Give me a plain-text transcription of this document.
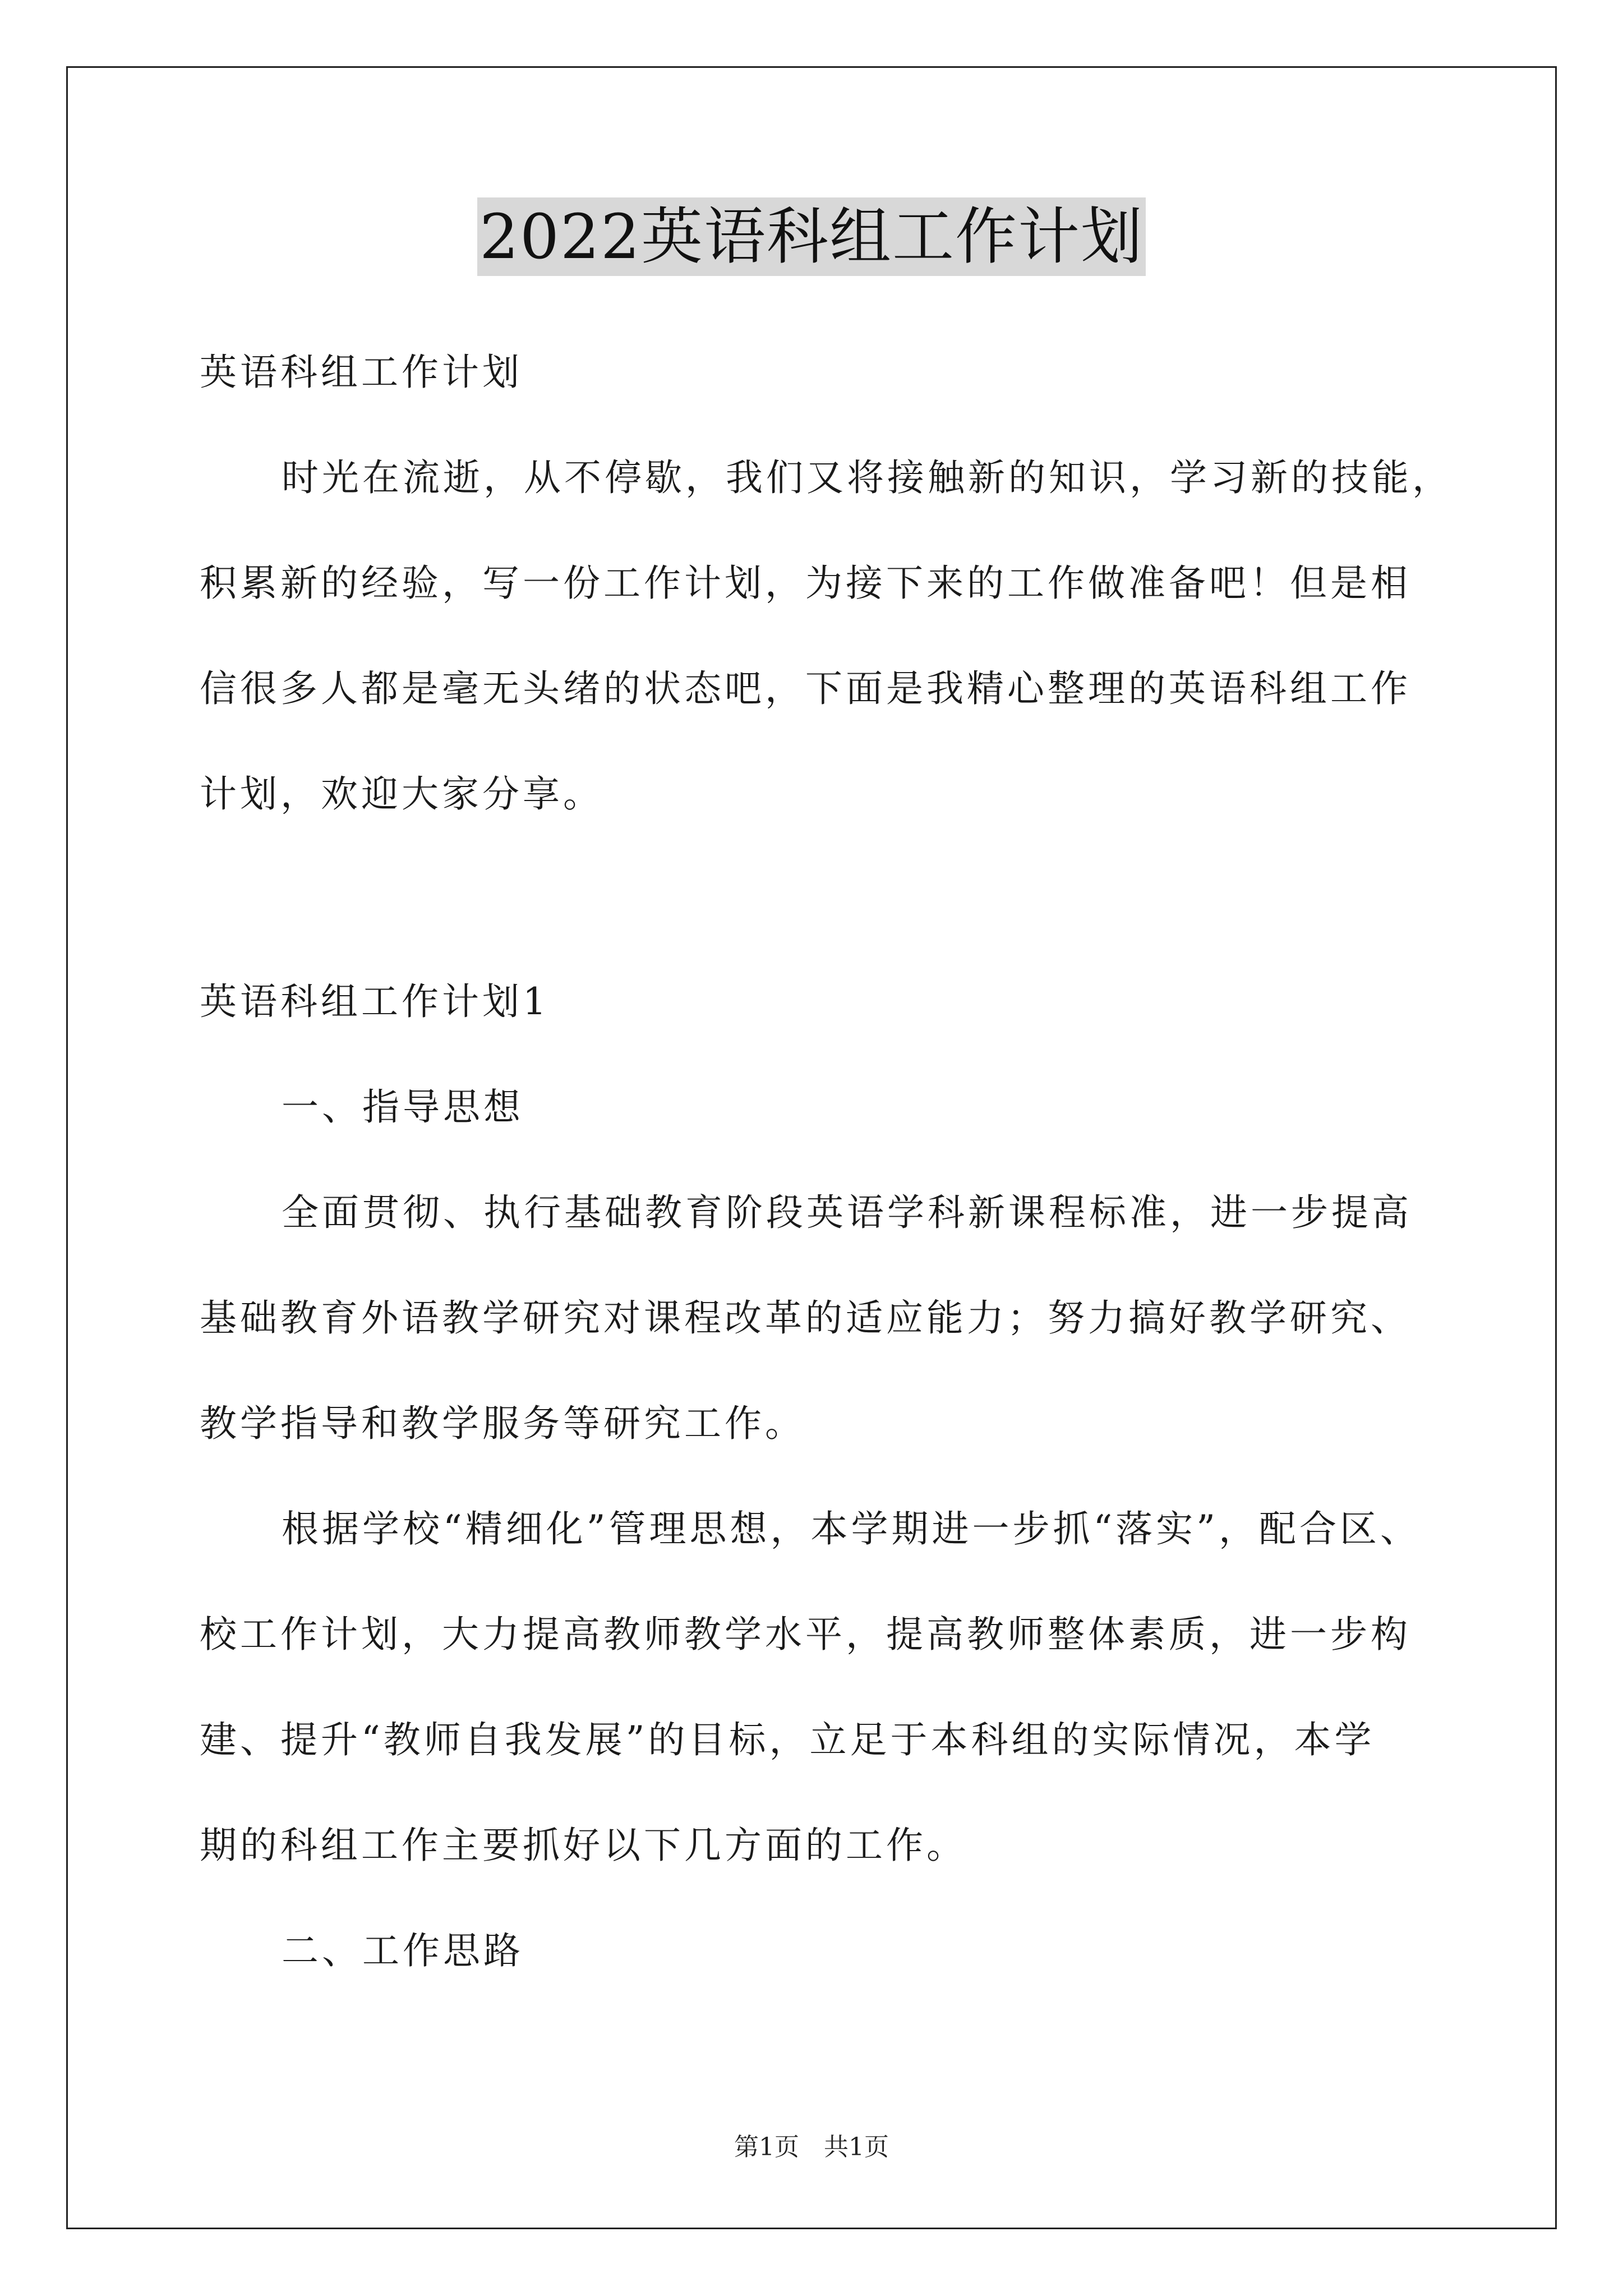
2022英语科组工作计划
英语科组工作计划
时光在流逝，从不停歇，我们又将接触新的知识，学习新的技能，
积累新的经验，写一份工作计划，为接下来的工作做准备吧！但是相
信很多人都是毫无头绪的状态吧，下面是我精心整理的英语科组工作
计划，欢迎大家分享。
英语科组工作计划1
一、指导思想
全面贯彻、执行基础教育阶段英语学科新课程标准，进一步提高
基础教育外语教学研究对课程改革的适应能力；努力搞好教学研究、
教学指导和教学服务等研究工作。
根据学校“精细化”管理思想，本学期进一步抓“落实”，配合区、
校工作计划，大力提高教师教学水平，提高教师整体素质，进一步构
建、提升“教师自我发展”的目标，立足于本科组的实际情况，本学
期的科组工作主要抓好以下几方面的工作。
二、工作思路
第1页　共1页
